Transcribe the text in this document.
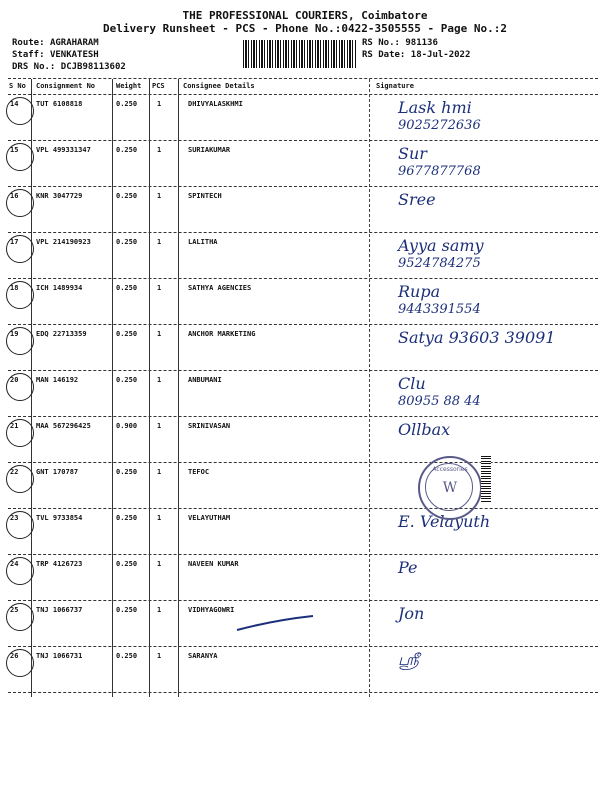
THE PROFESSIONAL COURIERS, Coimbatore
Delivery Runsheet - PCS - Phone No.:0422-3505555 - Page No.:2
Route: AGRAHARAM
Staff: VENKATESH
DRS No.: DCJB98113602
RS No.: 981136
RS Date: 18-Jul-2022
S No Consignment No	Weight PCS	Consignee Details	Signature
14	TUT 6108818	0.250	1	DHIVYALASKHMI	Lask hmi
9025272636
15	VPL 499331347	0.250	1	SURIAKUMAR	Sur
9677877768
16	KNR 3047729	0.250	1	SPINTECH	Sree
17	VPL 214190923	0.250	1	LALITHA	Ayya samy
9524784275
18	ICH 1489934	0.250	1	SATHYA AGENCIES	Rupa
9443391554
19	EDQ 22713359	0.250	1	ANCHOR MARKETING	Satya 93603 39091
20	MAN 146192	0.250	1	ANBUMANI	Clu
80955 88 44
21	MAA 567296425	0.900	1	SRINIVASAN	Ollbax
22	GNT 170787	0.250	1	TEFOC
23	TVL 9733854	0.250	1	VELAYUTHAM	E. Velayuth
24	TRP 4126723	0.250	1	NAVEEN KUMAR	Pe
25	TNJ 1066737	0.250	1	VIDHYAGOWRI	Jon
26	TNJ 1066731	0.250	1	SARANYA	ஸ்ரீ
Accessories
W
